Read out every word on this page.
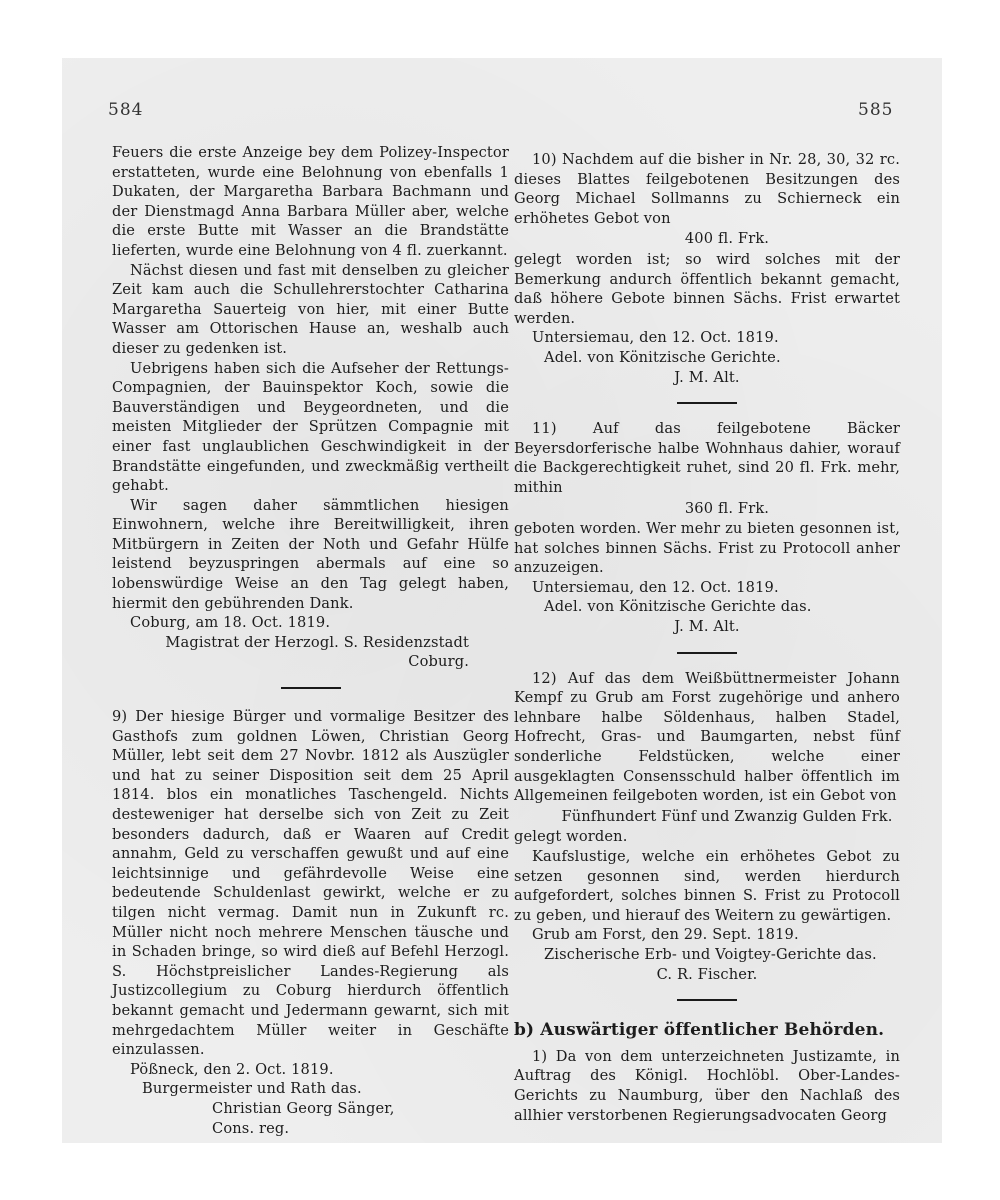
584	585

Feuers die erste Anzeige bey dem Polizey-Inspector erstatteten, wurde eine Belohnung von ebenfalls 1 Dukaten, der Margaretha Barbara Bachmann und der Dienstmagd Anna Barbara Müller aber, welche die erste Butte mit Wasser an die Brandstätte lieferten, wurde eine Belohnung von 4 fl. zuerkannt.

Nächst diesen und fast mit denselben zu gleicher Zeit kam auch die Schullehrerstochter Catharina Margaretha Sauerteig von hier, mit einer Butte Wasser am Ottorischen Hause an, weshalb auch dieser zu gedenken ist.

Uebrigens haben sich die Aufseher der Rettungs-Compagnien, der Bauinspektor Koch, sowie die Bauverständigen und Beygeordneten, und die meisten Mitglieder der Sprützen Compagnie mit einer fast unglaublichen Geschwindigkeit in der Brandstätte eingefunden, und zweckmäßig vertheilt gehabt.

Wir sagen daher sämmtlichen hiesigen Einwohnern, welche ihre Bereitwilligkeit, ihren Mitbürgern in Zeiten der Noth und Gefahr Hülfe leistend beyzuspringen abermals auf eine so lobenswürdige Weise an den Tag gelegt haben, hiermit den gebührenden Dank.

Coburg, am 18. Oct. 1819.

Magistrat der Herzogl. S. Residenzstadt Coburg.

9) Der hiesige Bürger und vormalige Besitzer des Gasthofs zum goldnen Löwen, Christian Georg Müller, lebt seit dem 27 Novbr. 1812 als Auszügler und hat zu seiner Disposition seit dem 25 April 1814. blos ein monatliches Taschengeld. Nichts desteweniger hat derselbe sich von Zeit zu Zeit besonders dadurch, daß er Waaren auf Credit annahm, Geld zu verschaffen gewußt und auf eine leichtsinnige und gefährdevolle Weise eine bedeutende Schuldenlast gewirkt, welche er zu tilgen nicht vermag. Damit nun in Zukunft rc. Müller nicht noch mehrere Menschen täusche und in Schaden bringe, so wird dieß auf Befehl Herzogl. S. Höchstpreislicher Landes-Regierung als Justizcollegium zu Coburg hierdurch öffentlich bekannt gemacht und Jedermann gewarnt, sich mit mehrgedachtem Müller weiter in Geschäfte einzulassen.

Pößneck, den 2. Oct. 1819.

Burgermeister und Rath das.

Christian Georg Sänger,

Cons. reg.

10) Nachdem auf die bisher in Nr. 28, 30, 32 rc. dieses Blattes feilgebotenen Besitzungen des Georg Michael Sollmanns zu Schierneck ein erhöhetes Gebot von

400 fl. Frk.

gelegt worden ist; so wird solches mit der Bemerkung andurch öffentlich bekannt gemacht, daß höhere Gebote binnen Sächs. Frist erwartet werden.

Untersiemau, den 12. Oct. 1819.

Adel. von Könitzische Gerichte.

J. M. Alt.

11) Auf das feilgebotene Bäcker Beyersdorferische halbe Wohnhaus dahier, worauf die Backgerechtigkeit ruhet, sind 20 fl. Frk. mehr, mithin

360 fl. Frk.

geboten worden. Wer mehr zu bieten gesonnen ist, hat solches binnen Sächs. Frist zu Protocoll anher anzuzeigen.

Untersiemau, den 12. Oct. 1819.

Adel. von Könitzische Gerichte das.

J. M. Alt.

12) Auf das dem Weißbüttnermeister Johann Kempf zu Grub am Forst zugehörige und anhero lehnbare halbe Söldenhaus, halben Stadel, Hofrecht, Gras- und Baumgarten, nebst fünf sonderliche Feldstücken, welche einer ausgeklagten Consensschuld halber öffentlich im Allgemeinen feilgeboten worden, ist ein Gebot von

Fünfhundert Fünf und Zwanzig Gulden Frk.

gelegt worden.

Kaufslustige, welche ein erhöhetes Gebot zu setzen gesonnen sind, werden hierdurch aufgefordert, solches binnen S. Frist zu Protocoll zu geben, und hierauf des Weitern zu gewärtigen.

Grub am Forst, den 29. Sept. 1819.

Zischerische Erb- und Voigtey-Gerichte das.

C. R. Fischer.

b) Auswärtiger öffentlicher Behörden.

1) Da von dem unterzeichneten Justizamte, in Auftrag des Königl. Hochlöbl. Ober-Landes-Gerichts zu Naumburg, über den Nachlaß des allhier verstorbenen Regierungsadvocaten Georg
